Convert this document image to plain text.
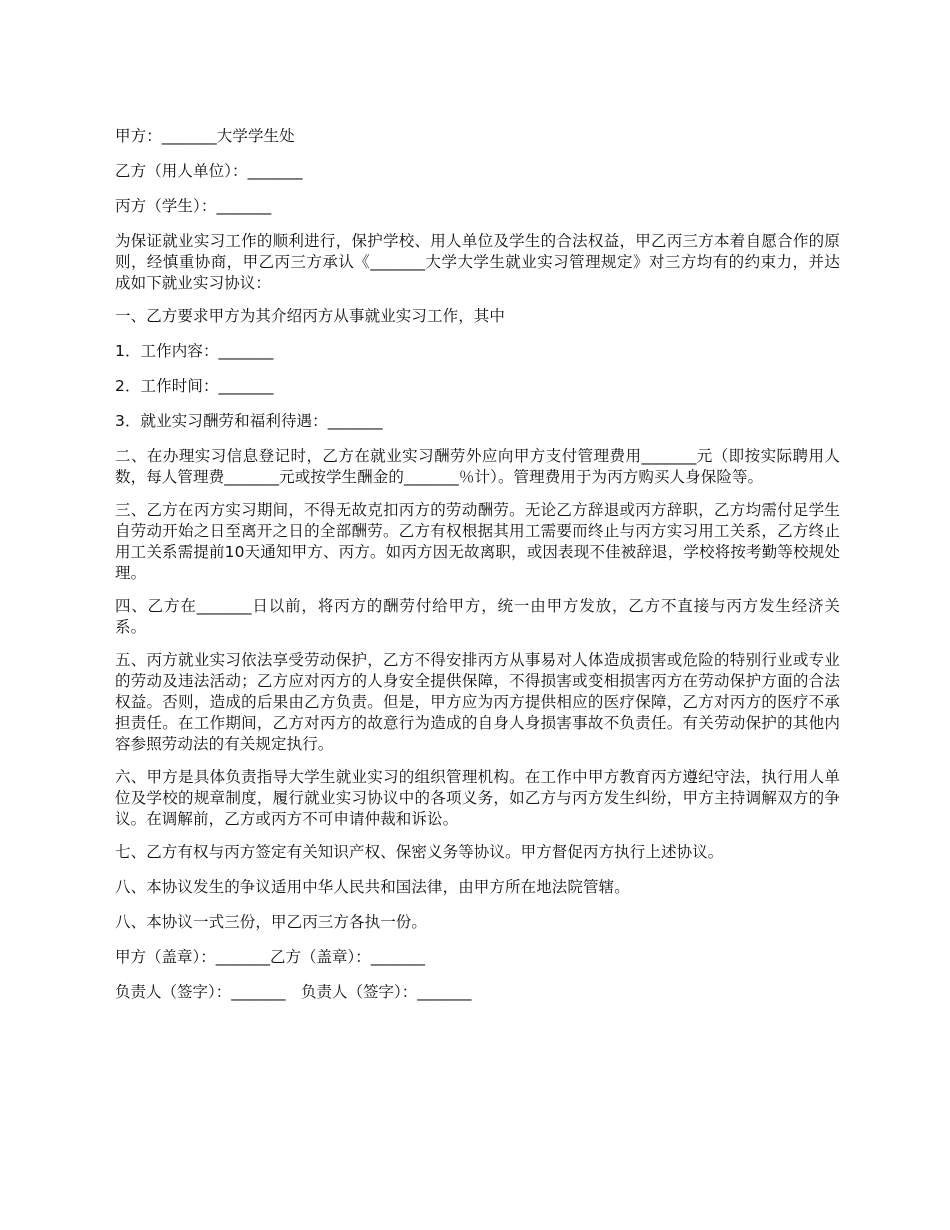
甲方：_______大学学生处

乙方（用人单位）：_______

丙方（学生）：_______

为保证就业实习工作的顺利进行，保护学校、用人单位及学生的合法权益，甲乙丙三方本着自愿合作的原则，经慎重协商，甲乙丙三方承认《_______大学大学生就业实习管理规定》对三方均有的约束力，并达成如下就业实习协议：

一、乙方要求甲方为其介绍丙方从事就业实习工作，其中

1．工作内容：_______

2．工作时间：_______

3．就业实习酬劳和福利待遇：_______

二、在办理实习信息登记时，乙方在就业实习酬劳外应向甲方支付管理费用_______元（即按实际聘用人数，每人管理费_______元或按学生酬金的_______％计）。管理费用于为丙方购买人身保险等。

三、乙方在丙方实习期间，不得无故克扣丙方的劳动酬劳。无论乙方辞退或丙方辞职，乙方均需付足学生自劳动开始之日至离开之日的全部酬劳。乙方有权根据其用工需要而终止与丙方实习用工关系，乙方终止用工关系需提前10天通知甲方、丙方。如丙方因无故离职，或因表现不佳被辞退，学校将按考勤等校规处理。

四、乙方在_______日以前，将丙方的酬劳付给甲方，统一由甲方发放，乙方不直接与丙方发生经济关系。

五、丙方就业实习依法享受劳动保护，乙方不得安排丙方从事易对人体造成损害或危险的特别行业或专业的劳动及违法活动；乙方应对丙方的人身安全提供保障，不得损害或变相损害丙方在劳动保护方面的合法权益。否则，造成的后果由乙方负责。但是，甲方应为丙方提供相应的医疗保障，乙方对丙方的医疗不承担责任。在工作期间，乙方对丙方的故意行为造成的自身人身损害事故不负责任。有关劳动保护的其他内容参照劳动法的有关规定执行。

六、甲方是具体负责指导大学生就业实习的组织管理机构。在工作中甲方教育丙方遵纪守法，执行用人单位及学校的规章制度，履行就业实习协议中的各项义务，如乙方与丙方发生纠纷，甲方主持调解双方的争议。在调解前，乙方或丙方不可申请仲裁和诉讼。

七、乙方有权与丙方签定有关知识产权、保密义务等协议。甲方督促丙方执行上述协议。

八、本协议发生的争议适用中华人民共和国法律，由甲方所在地法院管辖。

八、本协议一式三份，甲乙丙三方各执一份。

甲方（盖章）：_______乙方（盖章）：_______

负责人（签字）：_______　负责人（签字）：_______
